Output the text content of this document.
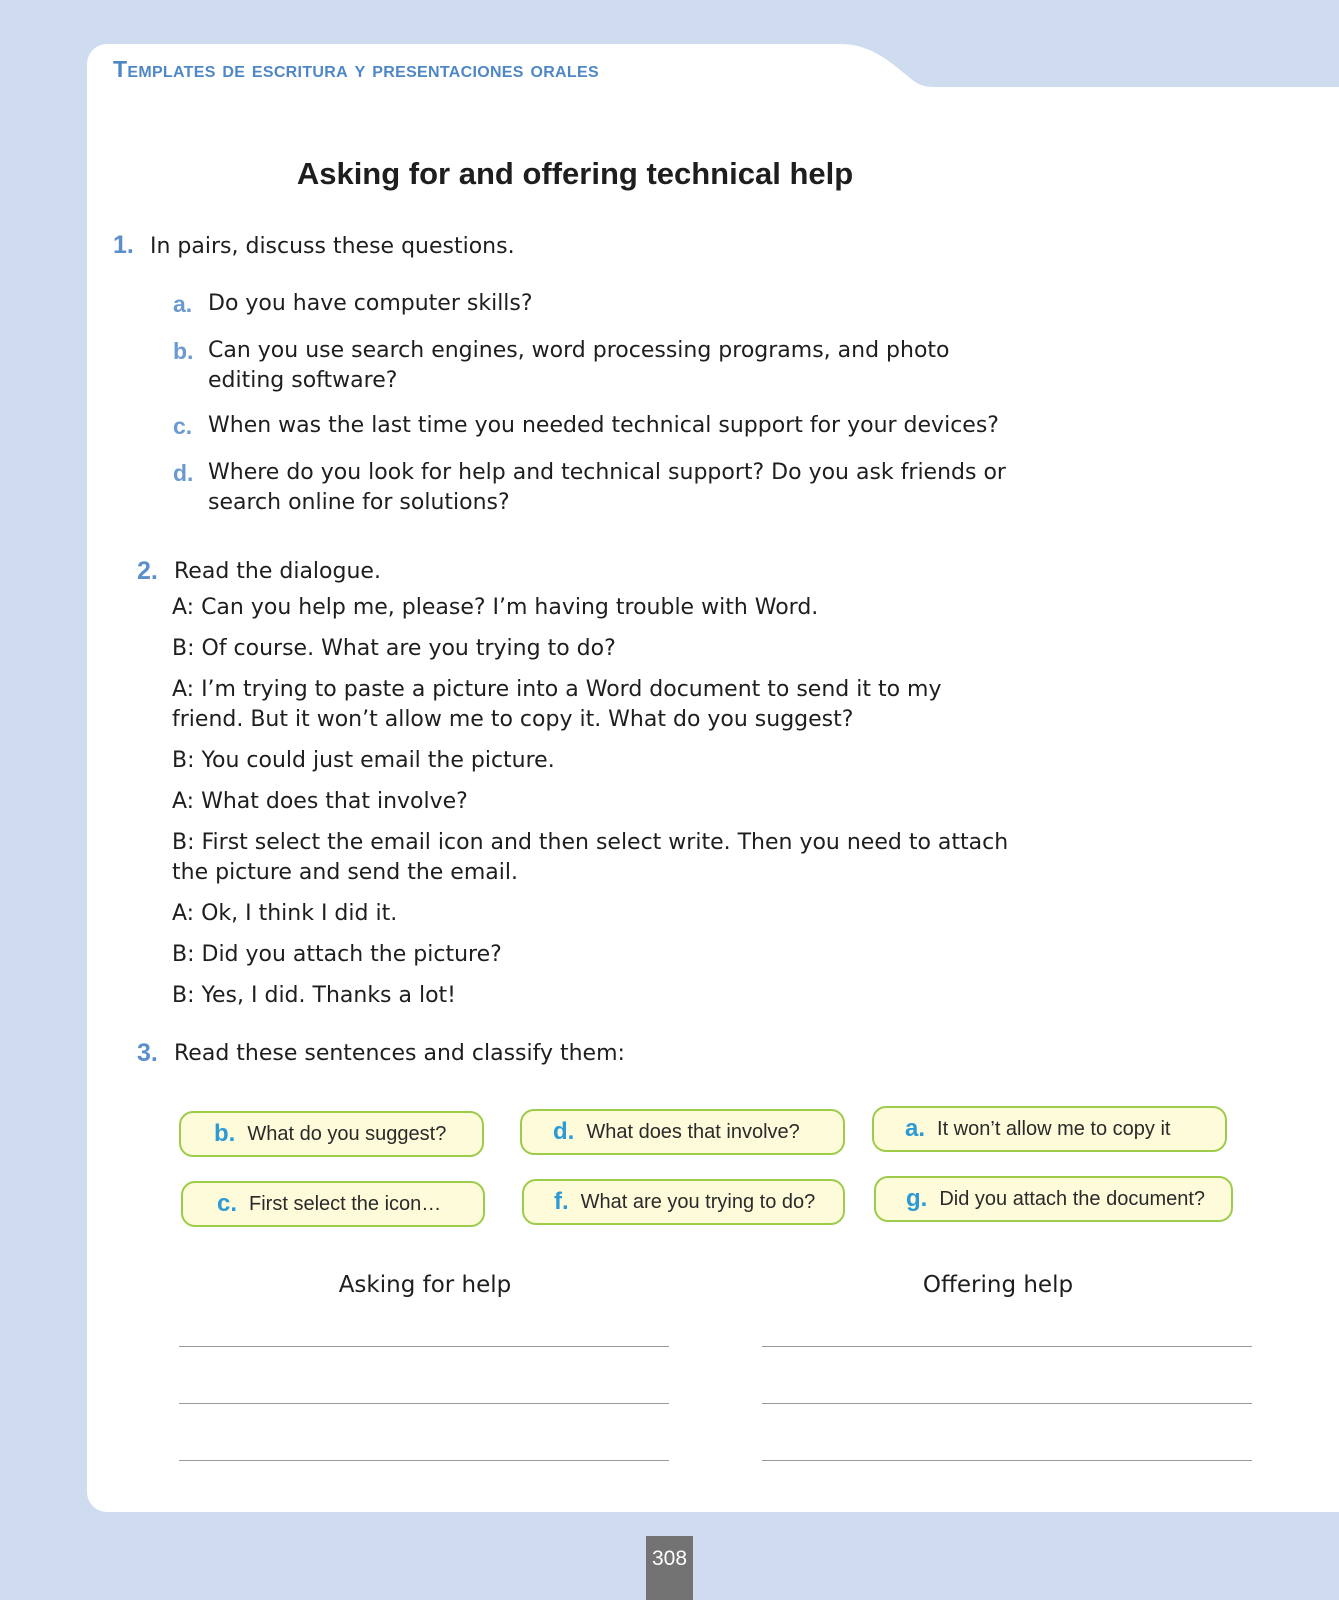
Templates de escritura y presentaciones orales
Asking for and offering technical help
1. In pairs, discuss these questions.
a. Do you have computer skills?
b. Can you use search engines, word processing programs, and photo editing software?
c. When was the last time you needed technical support for your devices?
d. Where do you look for help and technical support? Do you ask friends or search online for solutions?
2. Read the dialogue.
A: Can you help me, please? I’m having trouble with Word.
B: Of course. What are you trying to do?
A: I’m trying to paste a picture into a Word document to send it to my friend. But it won’t allow me to copy it. What do you suggest?
B: You could just email the picture.
A: What does that involve?
B: First select the email icon and then select write. Then you need to attach the picture and send the email.
A: Ok, I think I did it.
B: Did you attach the picture?
B: Yes, I did. Thanks a lot!
3. Read these sentences and classify them:
b. What do you suggest?	d. What does that involve?	a. It won’t allow me to copy it
c. First select the icon…	f. What are you trying to do?	g. Did you attach the document?
Asking for help	Offering help
308
